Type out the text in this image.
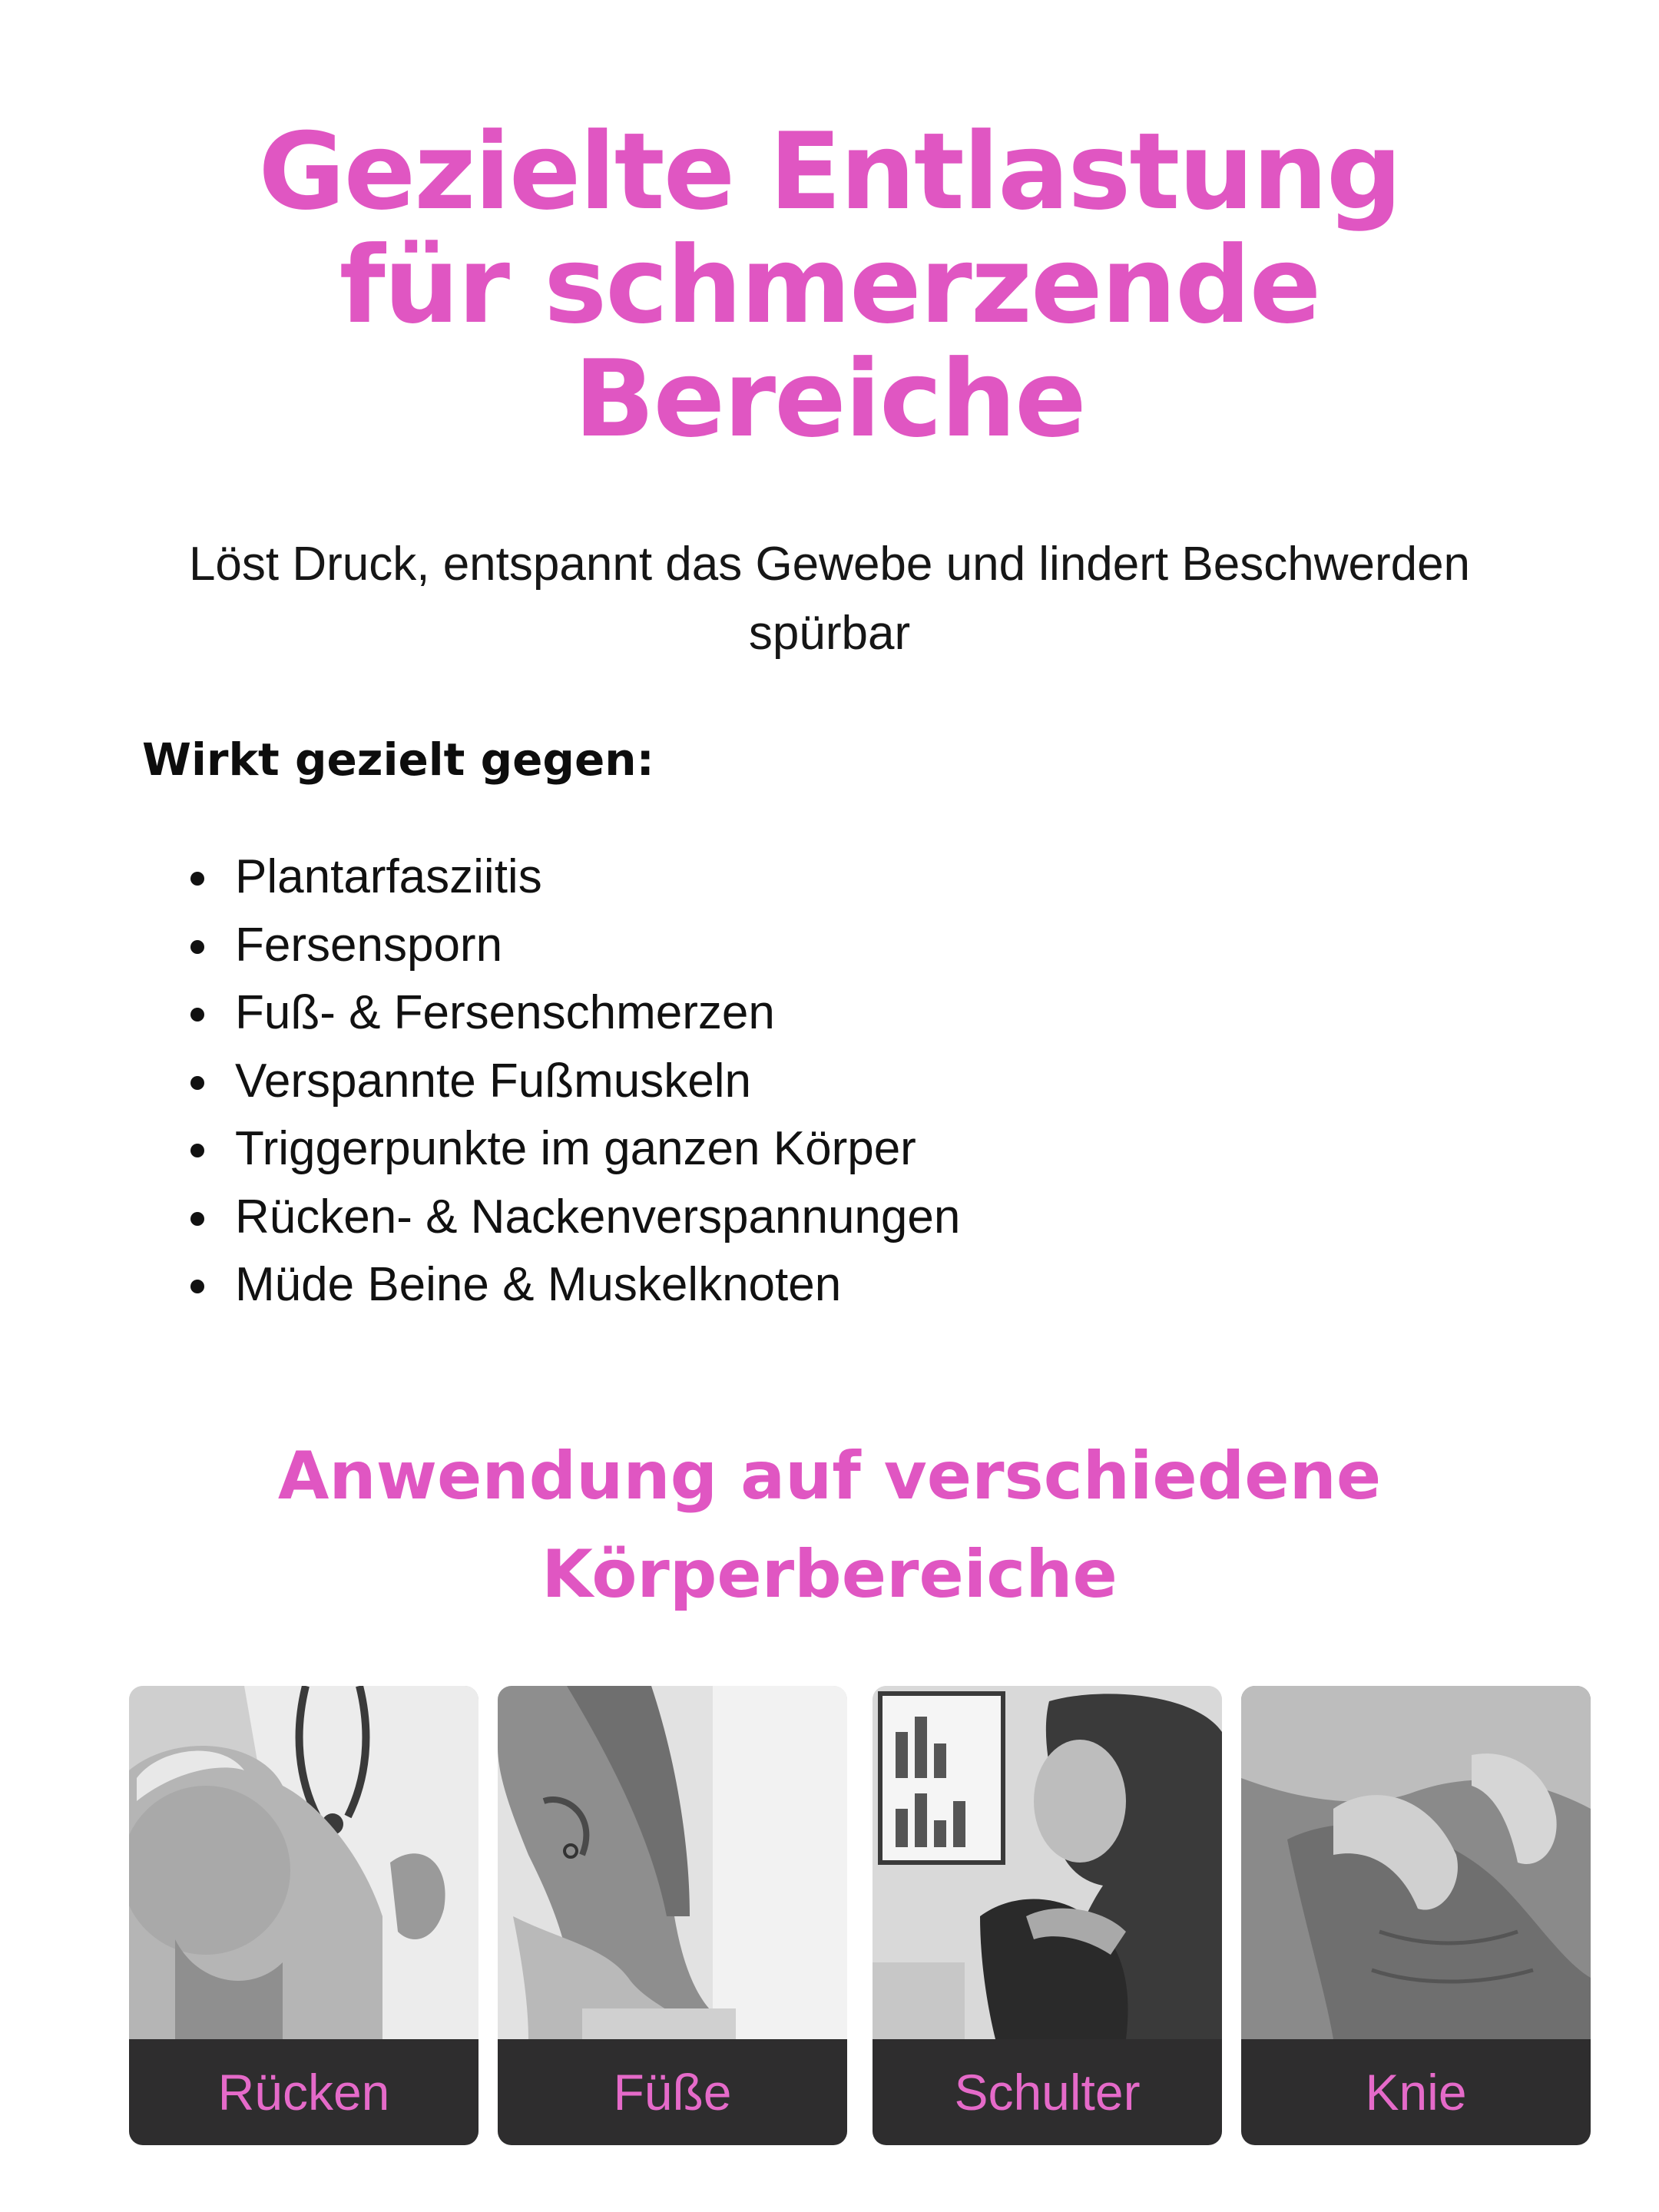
Gezielte Entlastung
für schmerzende
Bereiche

Löst Druck, entspannt das Gewebe und lindert Beschwerden
spürbar

Wirkt gezielt gegen:
Plantarfasziitis
Fersensporn
Fuß- & Fersenschmerzen
Verspannte Fußmuskeln
Triggerpunkte im ganzen Körper
Rücken- & Nackenverspannungen
Müde Beine & Muskelknoten
Anwendung auf verschiedene
Körperbereiche
Rücken	Füße	Schulter	Knie
